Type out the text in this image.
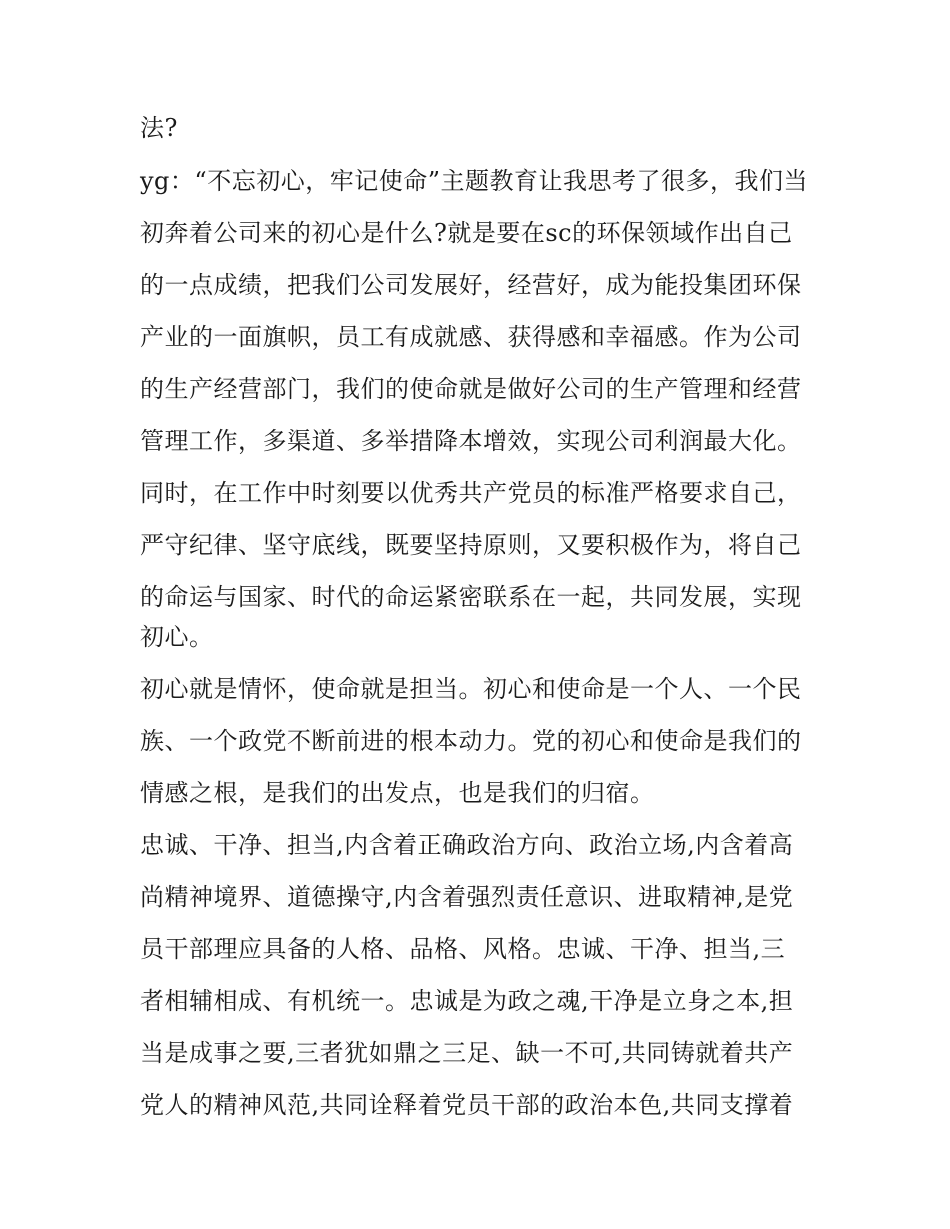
法?
yg：“不忘初心，牢记使命”主题教育让我思考了很多，我们当
初奔着公司来的初心是什么?就是要在sc的环保领域作出自己
的一点成绩，把我们公司发展好，经营好，成为能投集团环保
产业的一面旗帜，员工有成就感、获得感和幸福感。作为公司
的生产经营部门，我们的使命就是做好公司的生产管理和经营
管理工作，多渠道、多举措降本增效，实现公司利润最大化。
同时，在工作中时刻要以优秀共产党员的标准严格要求自己，
严守纪律、坚守底线，既要坚持原则，又要积极作为，将自己
的命运与国家、时代的命运紧密联系在一起，共同发展，实现
初心。
初心就是情怀，使命就是担当。初心和使命是一个人、一个民
族、一个政党不断前进的根本动力。党的初心和使命是我们的
情感之根，是我们的出发点，也是我们的归宿。
忠诚、干净、担当,内含着正确政治方向、政治立场,内含着高
尚精神境界、道德操守,内含着强烈责任意识、进取精神,是党
员干部理应具备的人格、品格、风格。忠诚、干净、担当,三
者相辅相成、有机统一。忠诚是为政之魂,干净是立身之本,担
当是成事之要,三者犹如鼎之三足、缺一不可,共同铸就着共产
党人的精神风范,共同诠释着党员干部的政治本色,共同支撑着
